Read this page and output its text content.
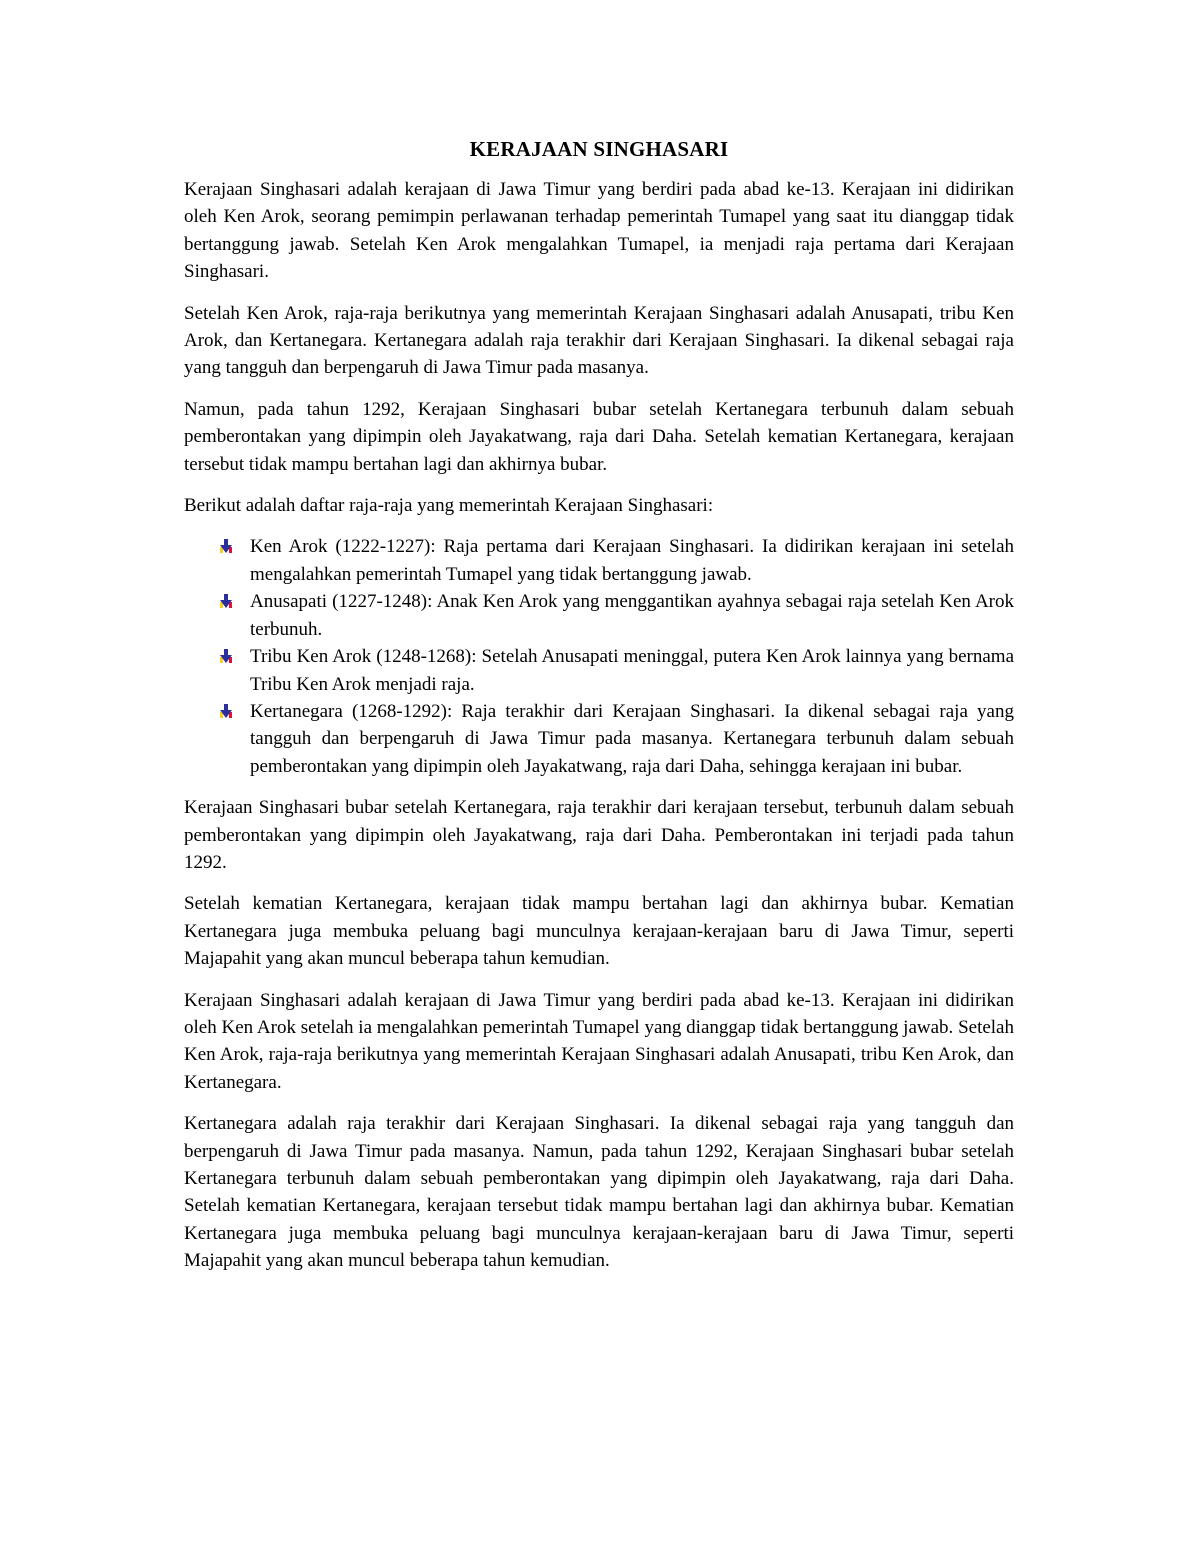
KERAJAAN SINGHASARI

Kerajaan Singhasari adalah kerajaan di Jawa Timur yang berdiri pada abad ke-13. Kerajaan ini didirikan oleh Ken Arok, seorang pemimpin perlawanan terhadap pemerintah Tumapel yang saat itu dianggap tidak bertanggung jawab. Setelah Ken Arok mengalahkan Tumapel, ia menjadi raja pertama dari Kerajaan Singhasari.

Setelah Ken Arok, raja-raja berikutnya yang memerintah Kerajaan Singhasari adalah Anusapati, tribu Ken Arok, dan Kertanegara. Kertanegara adalah raja terakhir dari Kerajaan Singhasari. Ia dikenal sebagai raja yang tangguh dan berpengaruh di Jawa Timur pada masanya.

Namun, pada tahun 1292, Kerajaan Singhasari bubar setelah Kertanegara terbunuh dalam sebuah pemberontakan yang dipimpin oleh Jayakatwang, raja dari Daha. Setelah kematian Kertanegara, kerajaan tersebut tidak mampu bertahan lagi dan akhirnya bubar.

Berikut adalah daftar raja-raja yang memerintah Kerajaan Singhasari:

Ken Arok (1222-1227): Raja pertama dari Kerajaan Singhasari. Ia didirikan kerajaan ini setelah mengalahkan pemerintah Tumapel yang tidak bertanggung jawab.
Anusapati (1227-1248): Anak Ken Arok yang menggantikan ayahnya sebagai raja setelah Ken Arok terbunuh.
Tribu Ken Arok (1248-1268): Setelah Anusapati meninggal, putera Ken Arok lainnya yang bernama Tribu Ken Arok menjadi raja.
Kertanegara (1268-1292): Raja terakhir dari Kerajaan Singhasari. Ia dikenal sebagai raja yang tangguh dan berpengaruh di Jawa Timur pada masanya. Kertanegara terbunuh dalam sebuah pemberontakan yang dipimpin oleh Jayakatwang, raja dari Daha, sehingga kerajaan ini bubar.

Kerajaan Singhasari bubar setelah Kertanegara, raja terakhir dari kerajaan tersebut, terbunuh dalam sebuah pemberontakan yang dipimpin oleh Jayakatwang, raja dari Daha. Pemberontakan ini terjadi pada tahun 1292.

Setelah kematian Kertanegara, kerajaan tidak mampu bertahan lagi dan akhirnya bubar. Kematian Kertanegara juga membuka peluang bagi munculnya kerajaan-kerajaan baru di Jawa Timur, seperti Majapahit yang akan muncul beberapa tahun kemudian.

Kerajaan Singhasari adalah kerajaan di Jawa Timur yang berdiri pada abad ke-13. Kerajaan ini didirikan oleh Ken Arok setelah ia mengalahkan pemerintah Tumapel yang dianggap tidak bertanggung jawab. Setelah Ken Arok, raja-raja berikutnya yang memerintah Kerajaan Singhasari adalah Anusapati, tribu Ken Arok, dan Kertanegara.

Kertanegara adalah raja terakhir dari Kerajaan Singhasari. Ia dikenal sebagai raja yang tangguh dan berpengaruh di Jawa Timur pada masanya. Namun, pada tahun 1292, Kerajaan Singhasari bubar setelah Kertanegara terbunuh dalam sebuah pemberontakan yang dipimpin oleh Jayakatwang, raja dari Daha. Setelah kematian Kertanegara, kerajaan tersebut tidak mampu bertahan lagi dan akhirnya bubar. Kematian Kertanegara juga membuka peluang bagi munculnya kerajaan-kerajaan baru di Jawa Timur, seperti Majapahit yang akan muncul beberapa tahun kemudian.
